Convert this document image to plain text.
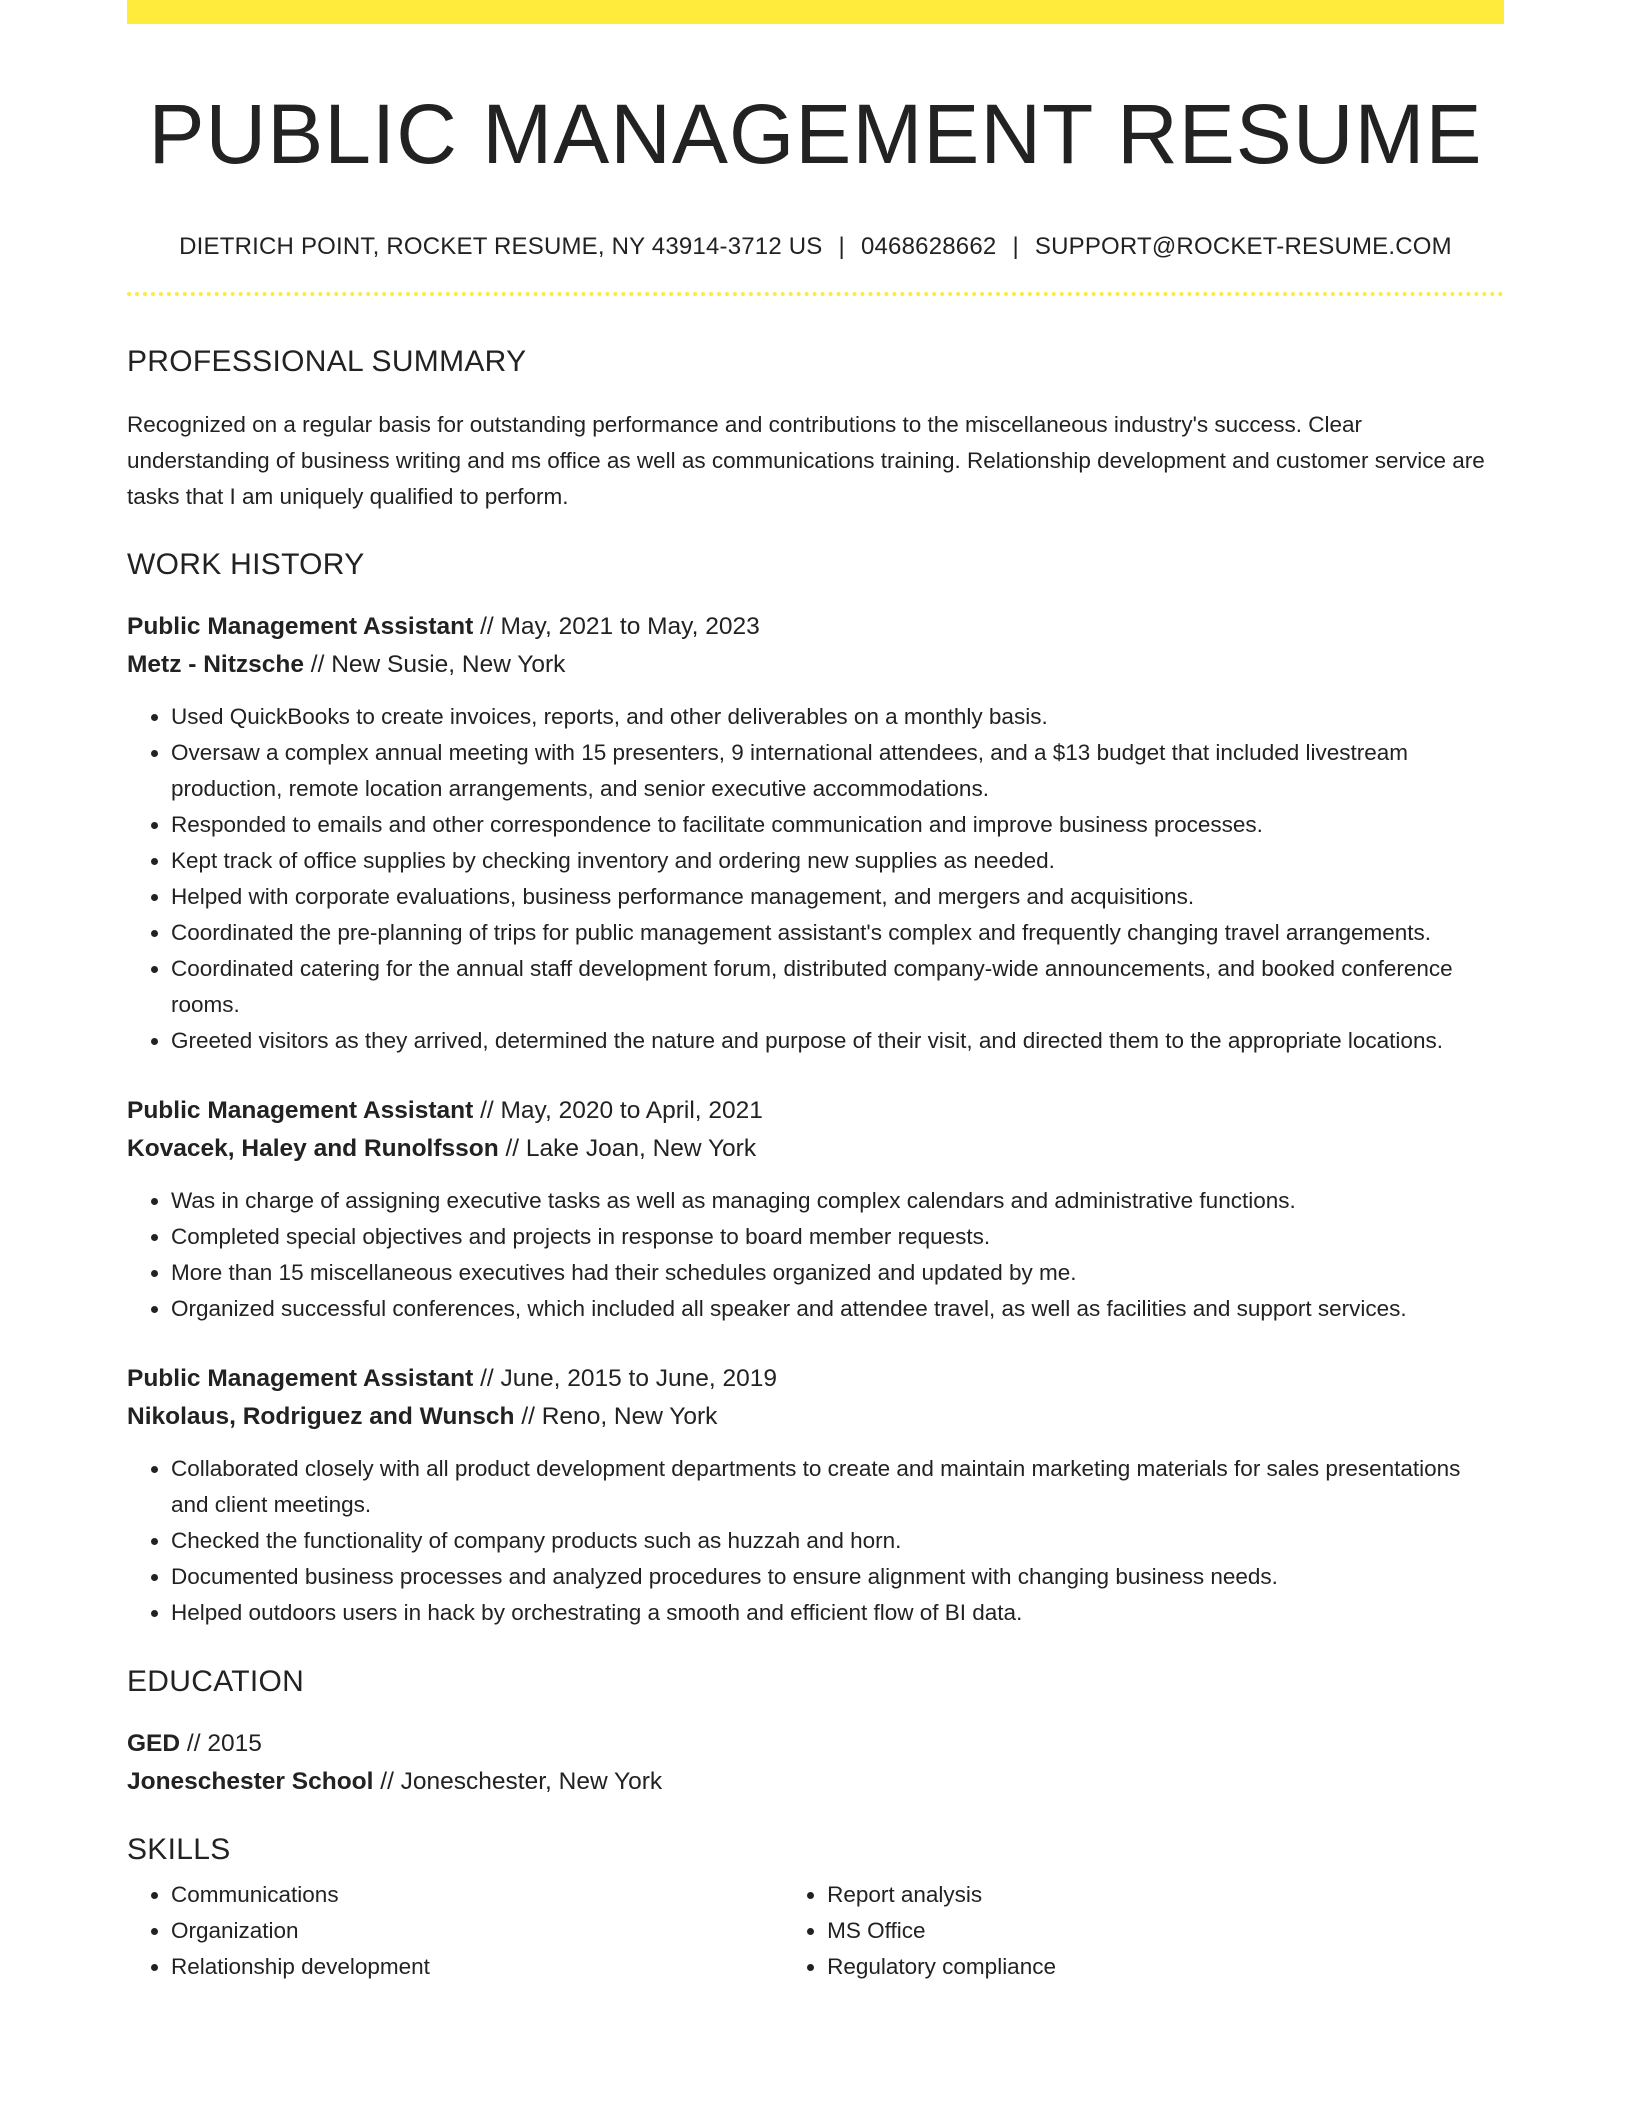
PUBLIC MANAGEMENT RESUME
DIETRICH POINT, ROCKET RESUME, NY 43914-3712 US | 0468628662 | SUPPORT@ROCKET-RESUME.COM
PROFESSIONAL SUMMARY

Recognized on a regular basis for outstanding performance and contributions to the miscellaneous industry's success. Clear understanding of business writing and ms office as well as communications training. Relationship development and customer service are tasks that I am uniquely qualified to perform.

WORK HISTORY
Public Management Assistant // May, 2021 to May, 2023
Metz - Nitzsche // New Susie, New York
• Used QuickBooks to create invoices, reports, and other deliverables on a monthly basis.
• Oversaw a complex annual meeting with 15 presenters, 9 international attendees, and a $13 budget that included livestream production, remote location arrangements, and senior executive accommodations.
• Responded to emails and other correspondence to facilitate communication and improve business processes.
• Kept track of office supplies by checking inventory and ordering new supplies as needed.
• Helped with corporate evaluations, business performance management, and mergers and acquisitions.
• Coordinated the pre-planning of trips for public management assistant's complex and frequently changing travel arrangements.
• Coordinated catering for the annual staff development forum, distributed company-wide announcements, and booked conference rooms.
• Greeted visitors as they arrived, determined the nature and purpose of their visit, and directed them to the appropriate locations.
Public Management Assistant // May, 2020 to April, 2021
Kovacek, Haley and Runolfsson // Lake Joan, New York
• Was in charge of assigning executive tasks as well as managing complex calendars and administrative functions.
• Completed special objectives and projects in response to board member requests.
• More than 15 miscellaneous executives had their schedules organized and updated by me.
• Organized successful conferences, which included all speaker and attendee travel, as well as facilities and support services.
Public Management Assistant // June, 2015 to June, 2019
Nikolaus, Rodriguez and Wunsch // Reno, New York
• Collaborated closely with all product development departments to create and maintain marketing materials for sales presentations and client meetings.
• Checked the functionality of company products such as huzzah and horn.
• Documented business processes and analyzed procedures to ensure alignment with changing business needs.
• Helped outdoors users in hack by orchestrating a smooth and efficient flow of BI data.
EDUCATION
GED // 2015
Joneschester School // Joneschester, New York
SKILLS
• Communications
• Organization
• Relationship development
• Report analysis
• MS Office
• Regulatory compliance
